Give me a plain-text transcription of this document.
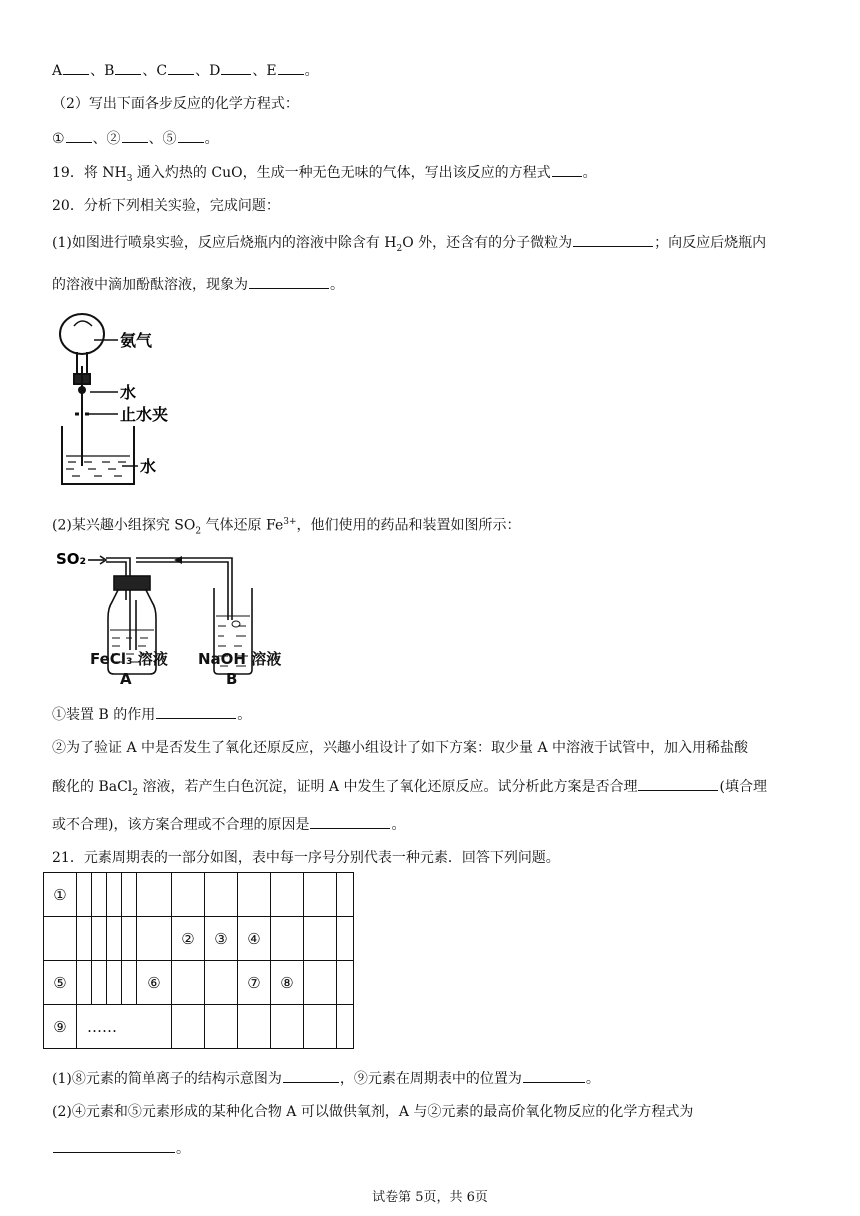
A 、B 、C 、D 、E 。
（2）写出下面各步反应的化学方程式：
① 、② 、⑤ 。
19．将 $NH_3$ 通入灼热的 CuO，生成一种无色无味的气体，写出该反应的方程式 。
20．分析下列相关实验，完成问题：
(1)如图进行喷泉实验，反应后烧瓶内的溶液中除含有 $H_2O$ 外，还含有的分子微粒为	；向反应后烧瓶内
的溶液中滴加酚酞溶液，现象为	。
氨气
水
止水夹
水
(2)某兴趣小组探究 $SO_2$ 气体还原 $Fe^{3+}$，他们使用的药品和装置如图所示：
SO₂
FeCl₃ 溶液 NaOH 溶液
A	B
①装置 B 的作用	。
②为了验证 A 中是否发生了氧化还原反应，兴趣小组设计了如下方案：取少量 A 中溶液于试管中，加入用稀盐酸
酸化的 BaCl$_2$ 溶液，若产生白色沉淀，证明 A 中发生了氧化还原反应。试分析此方案是否合理	(填合理
或不合理)，该方案合理或不合理的原因是	。
21．元素周期表的一部分如图，表中每一序号分别代表一种元素．回答下列问题。
①											
						②	③	④			
⑤					⑥			⑦	⑧		
⑨	……										
(1)⑧元素的简单离子的结构示意图为	，⑨元素在周期表中的位置为	。
(2)④元素和⑤元素形成的某种化合物 A 可以做供氧剂，A 与②元素的最高价氧化物反应的化学方程式为
。
试卷第 5页，共 6页
